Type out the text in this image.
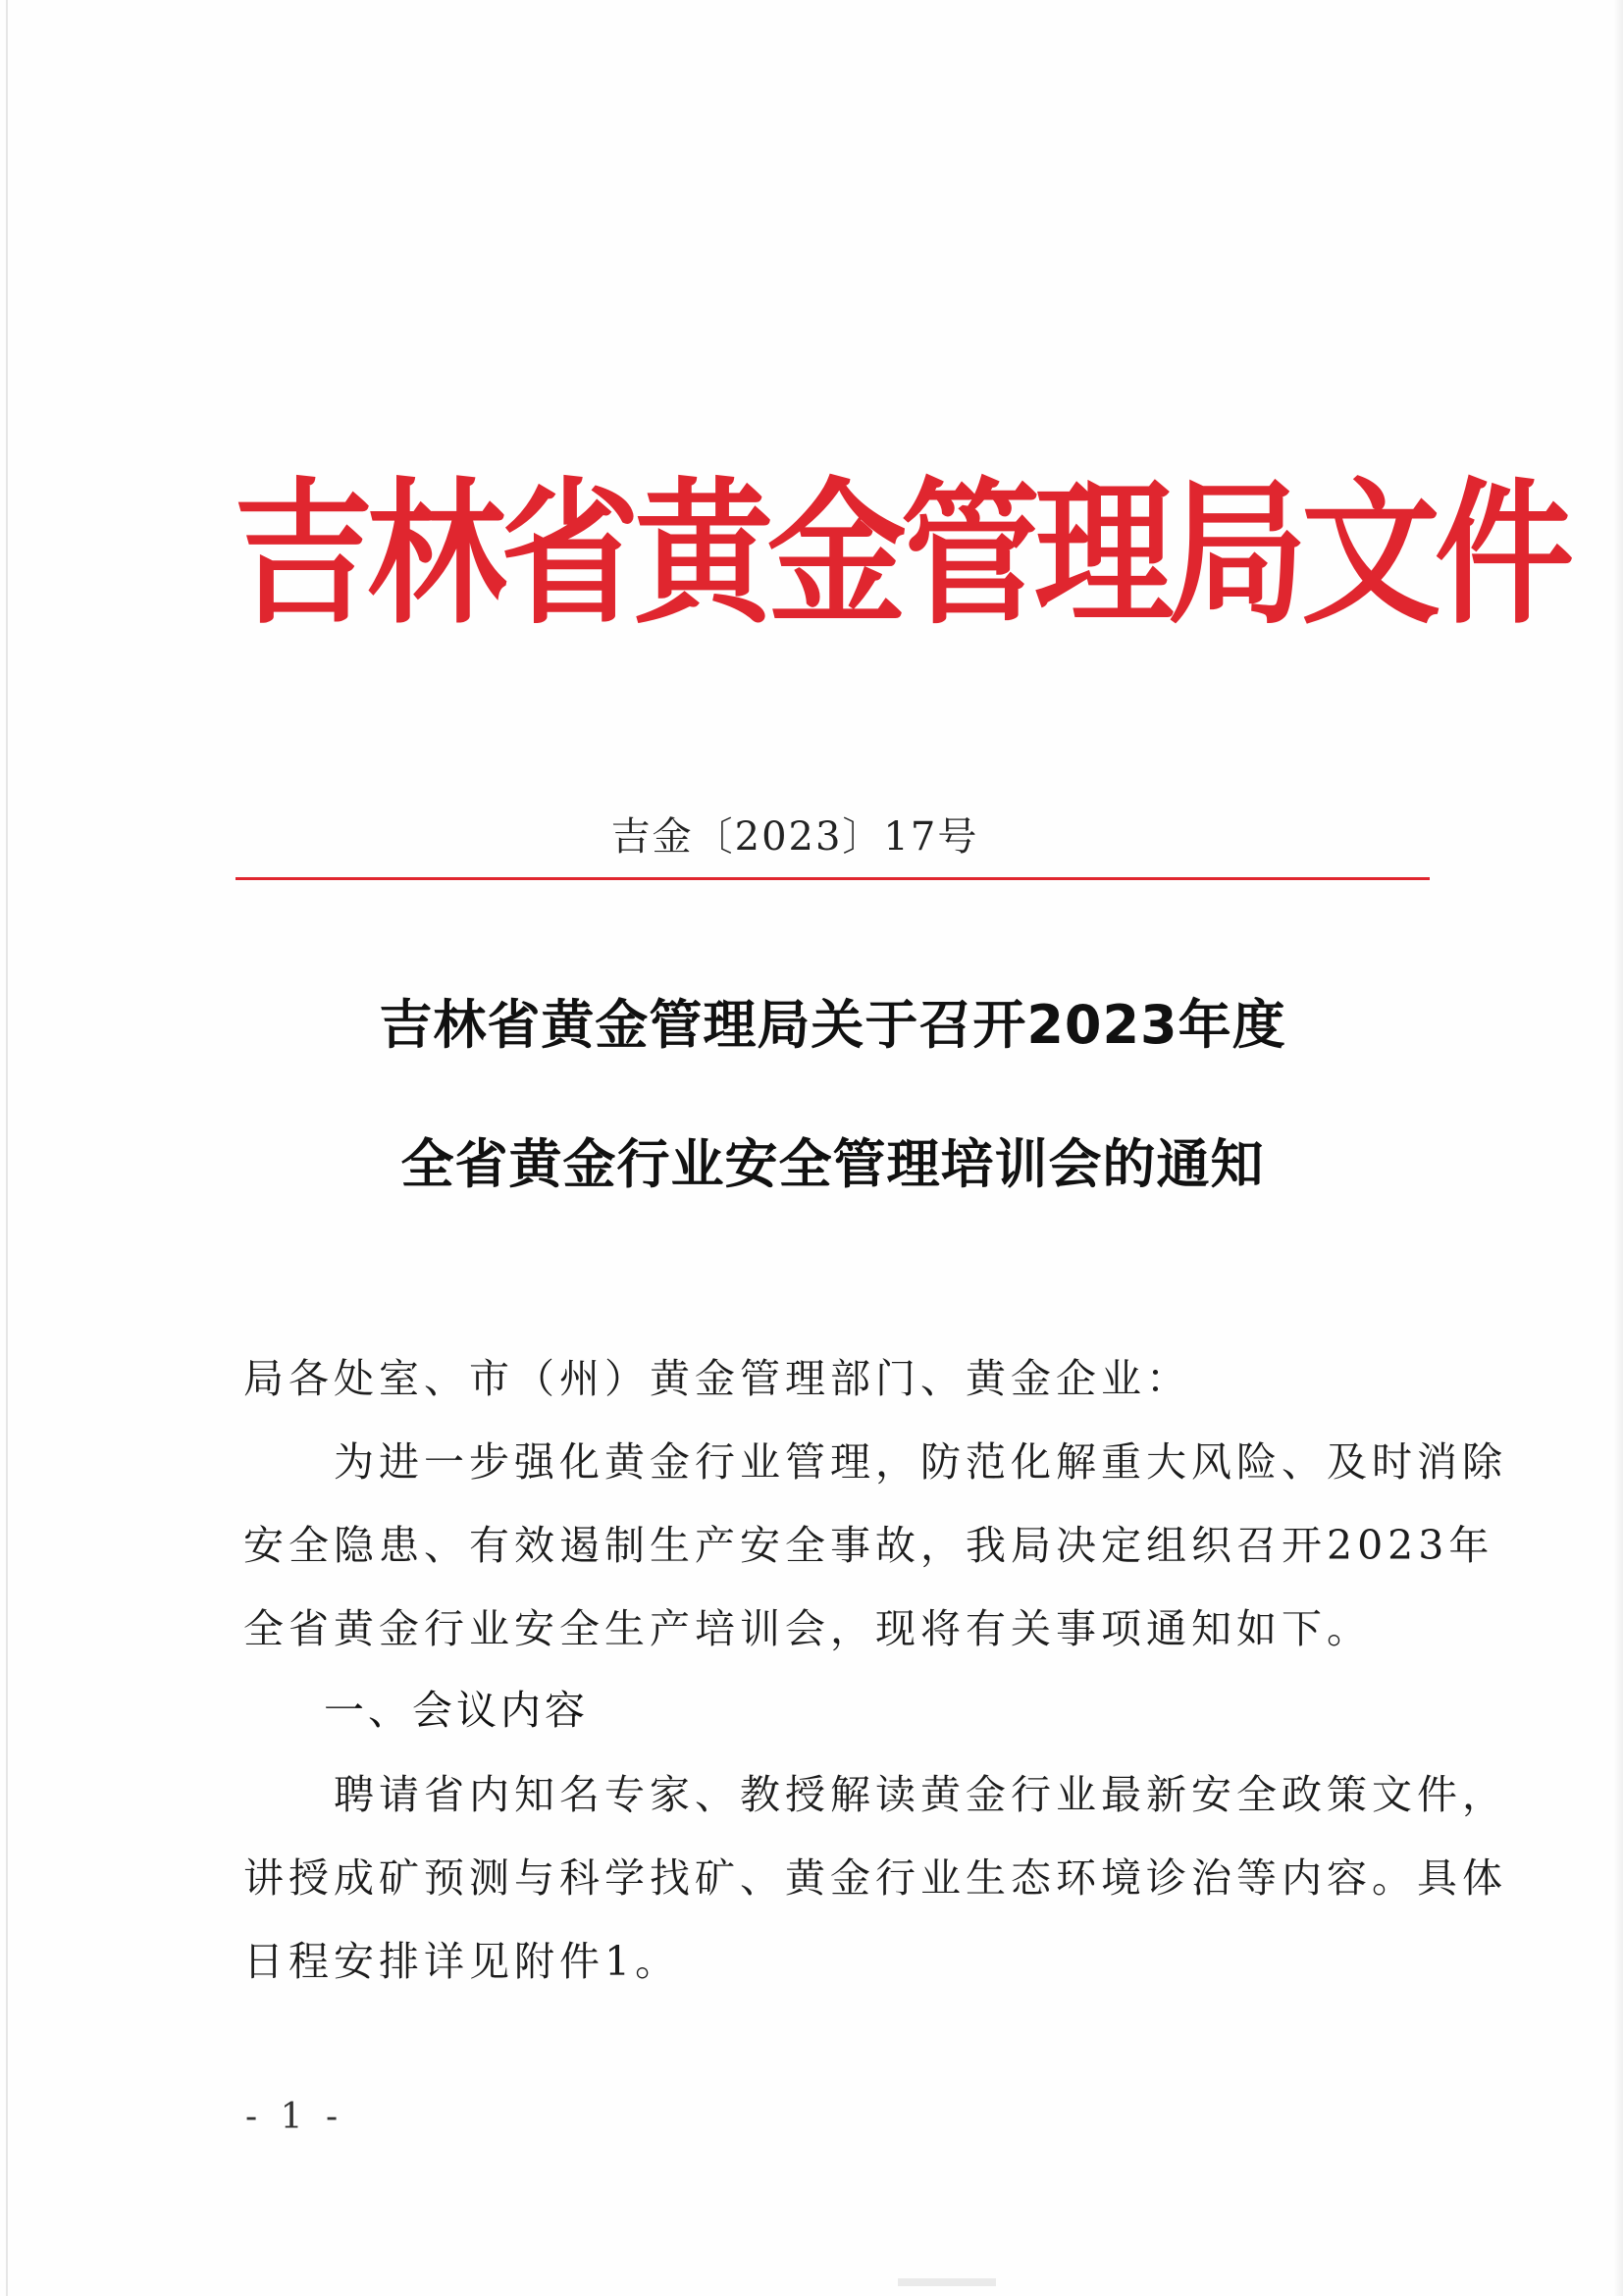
吉林省黄金管理局文件
吉金〔2023〕17号
吉林省黄金管理局关于召开2023年度
全省黄金行业安全管理培训会的通知
局各处室、市（州）黄金管理部门、黄金企业：
　　为进一步强化黄金行业管理，防范化解重大风险、及时消除
安全隐患、有效遏制生产安全事故，我局决定组织召开2023年
全省黄金行业安全生产培训会，现将有关事项通知如下。
一、会议内容
　　聘请省内知名专家、教授解读黄金行业最新安全政策文件，
讲授成矿预测与科学找矿、黄金行业生态环境诊治等内容。具体
日程安排详见附件1。
- 1 -
